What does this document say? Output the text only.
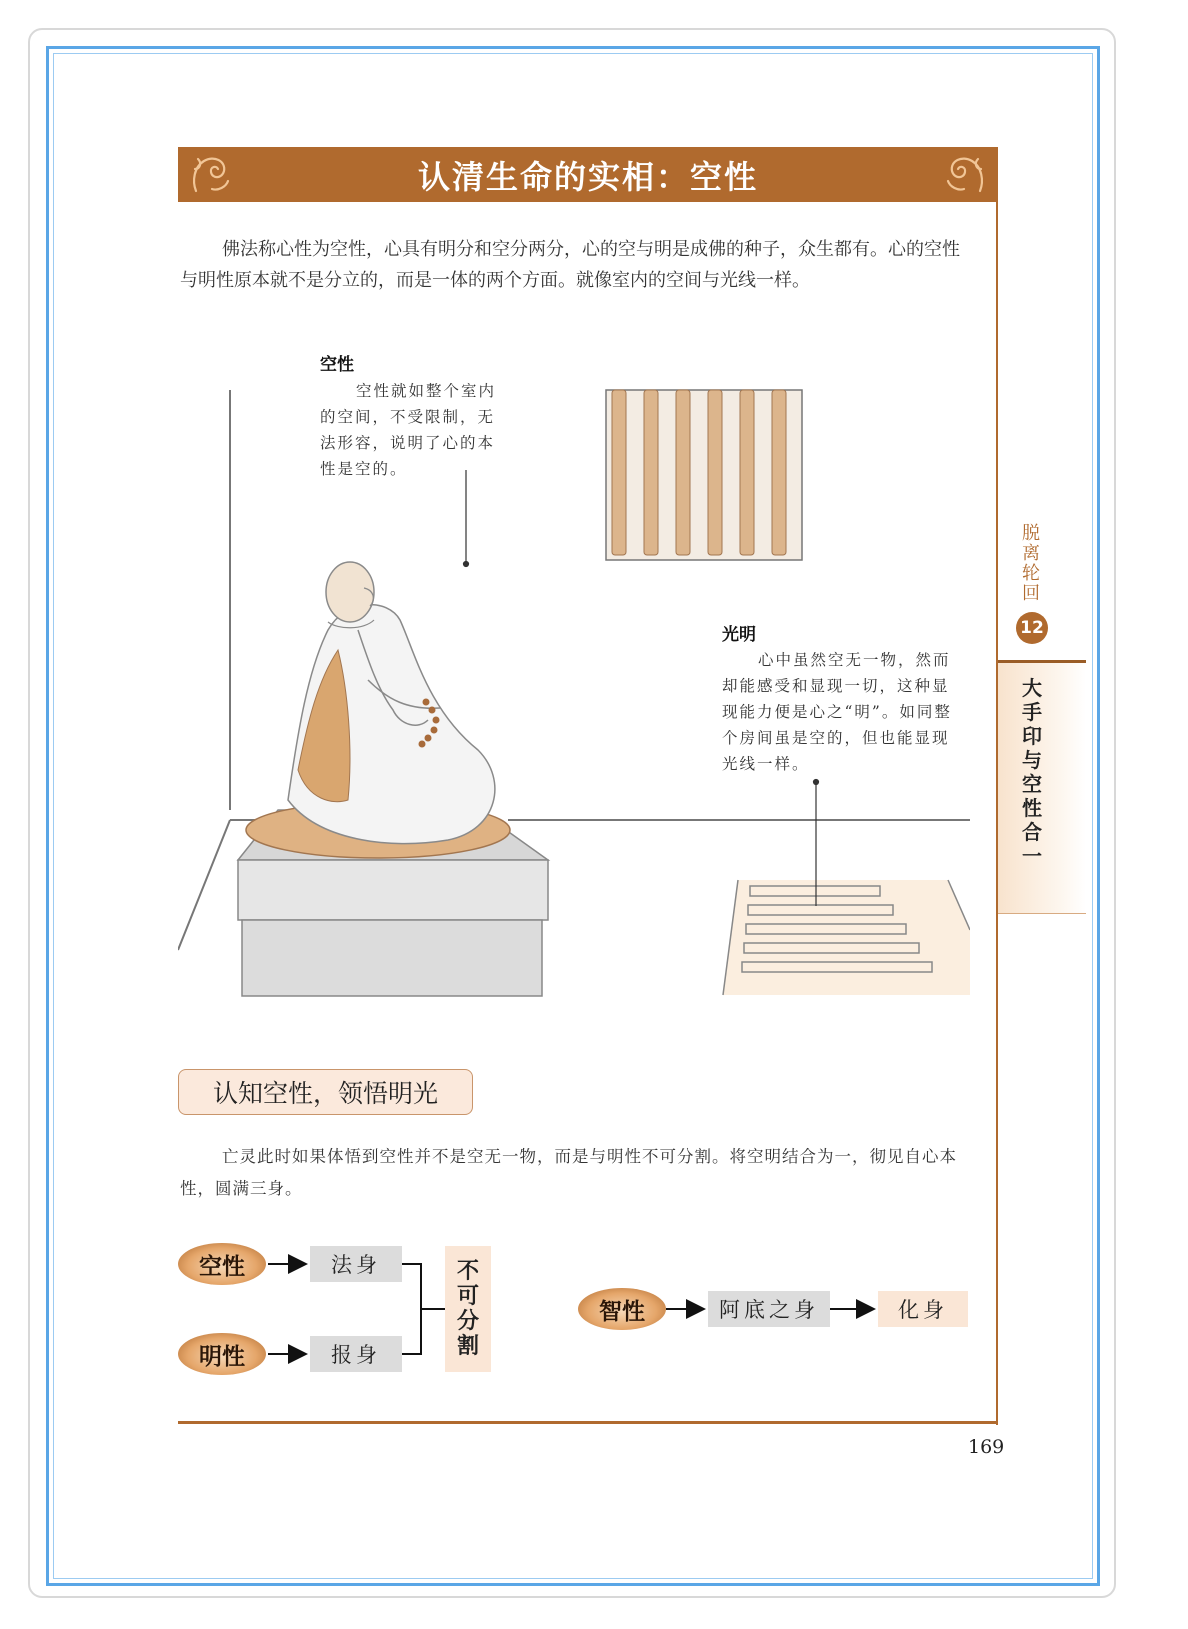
认清生命的实相：空性

佛法称心性为空性，心具有明分和空分两分，心的空与明是成佛的种子，众生都有。心的空性与明性原本就不是分立的，而是一体的两个方面。就像室内的空间与光线一样。

脱离轮回
12
大手印与空性合一
空性

空性就如整个室内的空间，不受限制，无法形容，说明了心的本性是空的。

光明

心中虽然空无一物，然而却能感受和显现一切，这种显现能力便是心之“明”。如同整个房间虽是空的，但也能显现光线一样。

认知空性，领悟明光

亡灵此时如果体悟到空性并不是空无一物，而是与明性不可分割。将空明结合为一，彻见自心本性，圆满三身。

空性
明性
法身
报身
不可分割
智性	阿底之身	化身
169
